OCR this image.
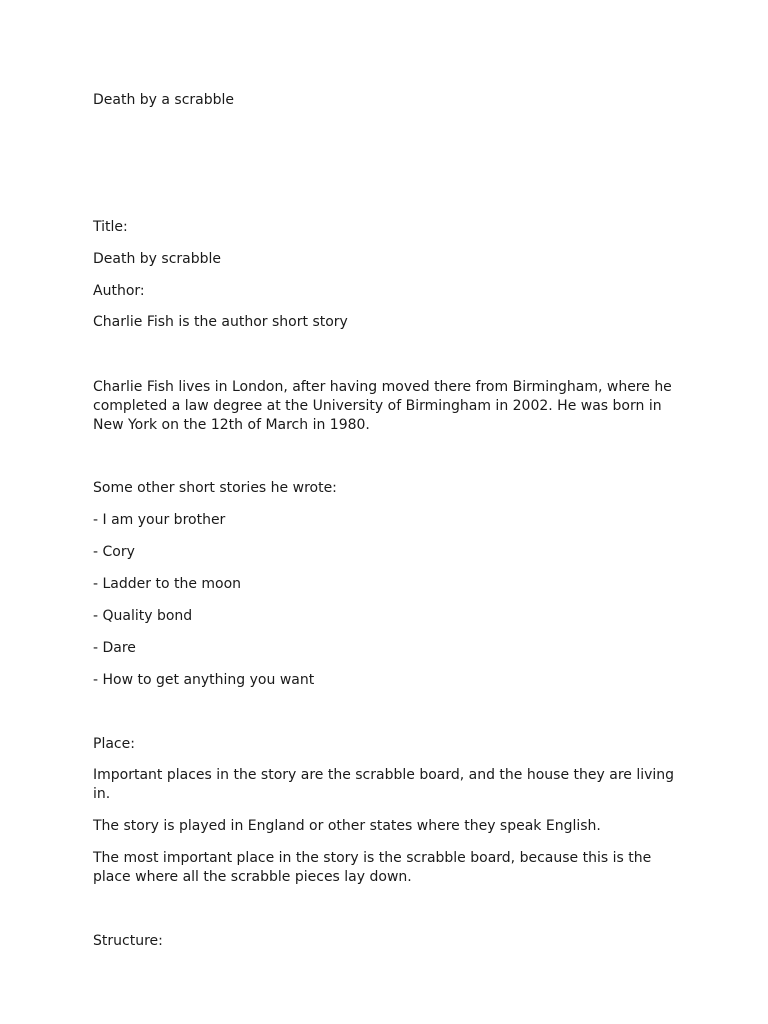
Death by a scrabble

Title:

Death by scrabble

Author:

Charlie Fish is the author short story

Charlie Fish lives in London, after having moved there from Birmingham, where he completed a law degree at the University of Birmingham in 2002. He was born in New York on the 12th of March in 1980.

Some other short stories he wrote:

- I am your brother

- Cory

- Ladder to the moon

- Quality bond

- Dare

- How to get anything you want

Place:

Important places in the story are the scrabble board, and the house they are living in.

The story is played in England or other states where they speak English.

The most important place in the story is the scrabble board, because this is the place where all the scrabble pieces lay down.

Structure:
